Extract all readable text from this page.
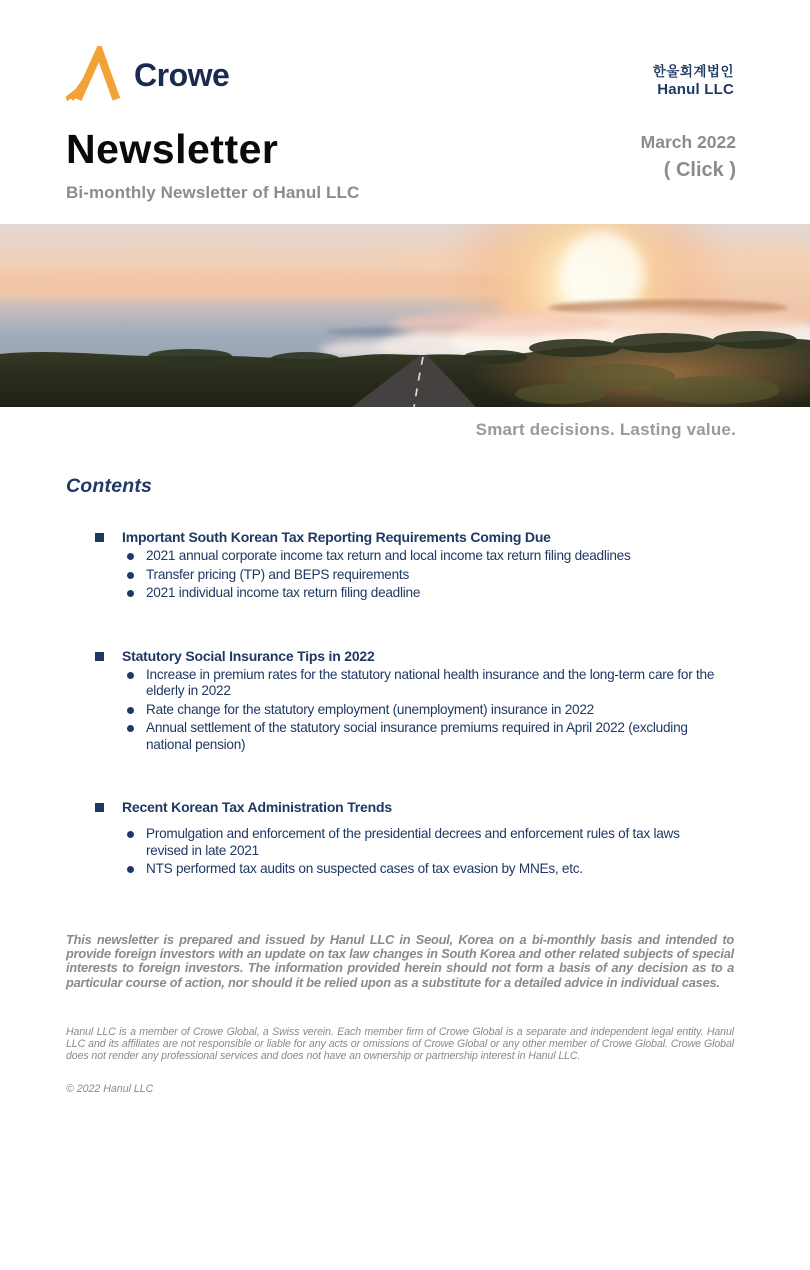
Crowe	한울회계법인
Hanul LLC
Newsletter
Bi-monthly Newsletter of Hanul LLC
March 2022
( Click )
Smart decisions. Lasting value.
Contents
Important South Korean Tax Reporting Requirements Coming Due
2021 annual corporate income tax return and local income tax return filing deadlines
Transfer pricing (TP) and BEPS requirements
2021 individual income tax return filing deadline
Statutory Social Insurance Tips in 2022
Increase in premium rates for the statutory national health insurance and the long-term care for the elderly in 2022
Rate change for the statutory employment (unemployment) insurance in 2022
Annual settlement of the statutory social insurance premiums required in April 2022 (excluding national pension)
Recent Korean Tax Administration Trends
Promulgation and enforcement of the presidential decrees and enforcement rules of tax laws revised in late 2021
NTS performed tax audits on suspected cases of tax evasion by MNEs, etc.
This newsletter is prepared and issued by Hanul LLC in Seoul, Korea on a bi-monthly basis and intended to provide foreign investors with an update on tax law changes in South Korea and other related subjects of special interests to foreign investors. The information provided herein should not form a basis of any decision as to a particular course of action, nor should it be relied upon as a substitute for a detailed advice in individual cases.
Hanul LLC is a member of Crowe Global, a Swiss verein. Each member firm of Crowe Global is a separate and independent legal entity. Hanul LLC and its affiliates are not responsible or liable for any acts or omissions of Crowe Global or any other member of Crowe Global. Crowe Global does not render any professional services and does not have an ownership or partnership interest in Hanul LLC.
© 2022 Hanul LLC
